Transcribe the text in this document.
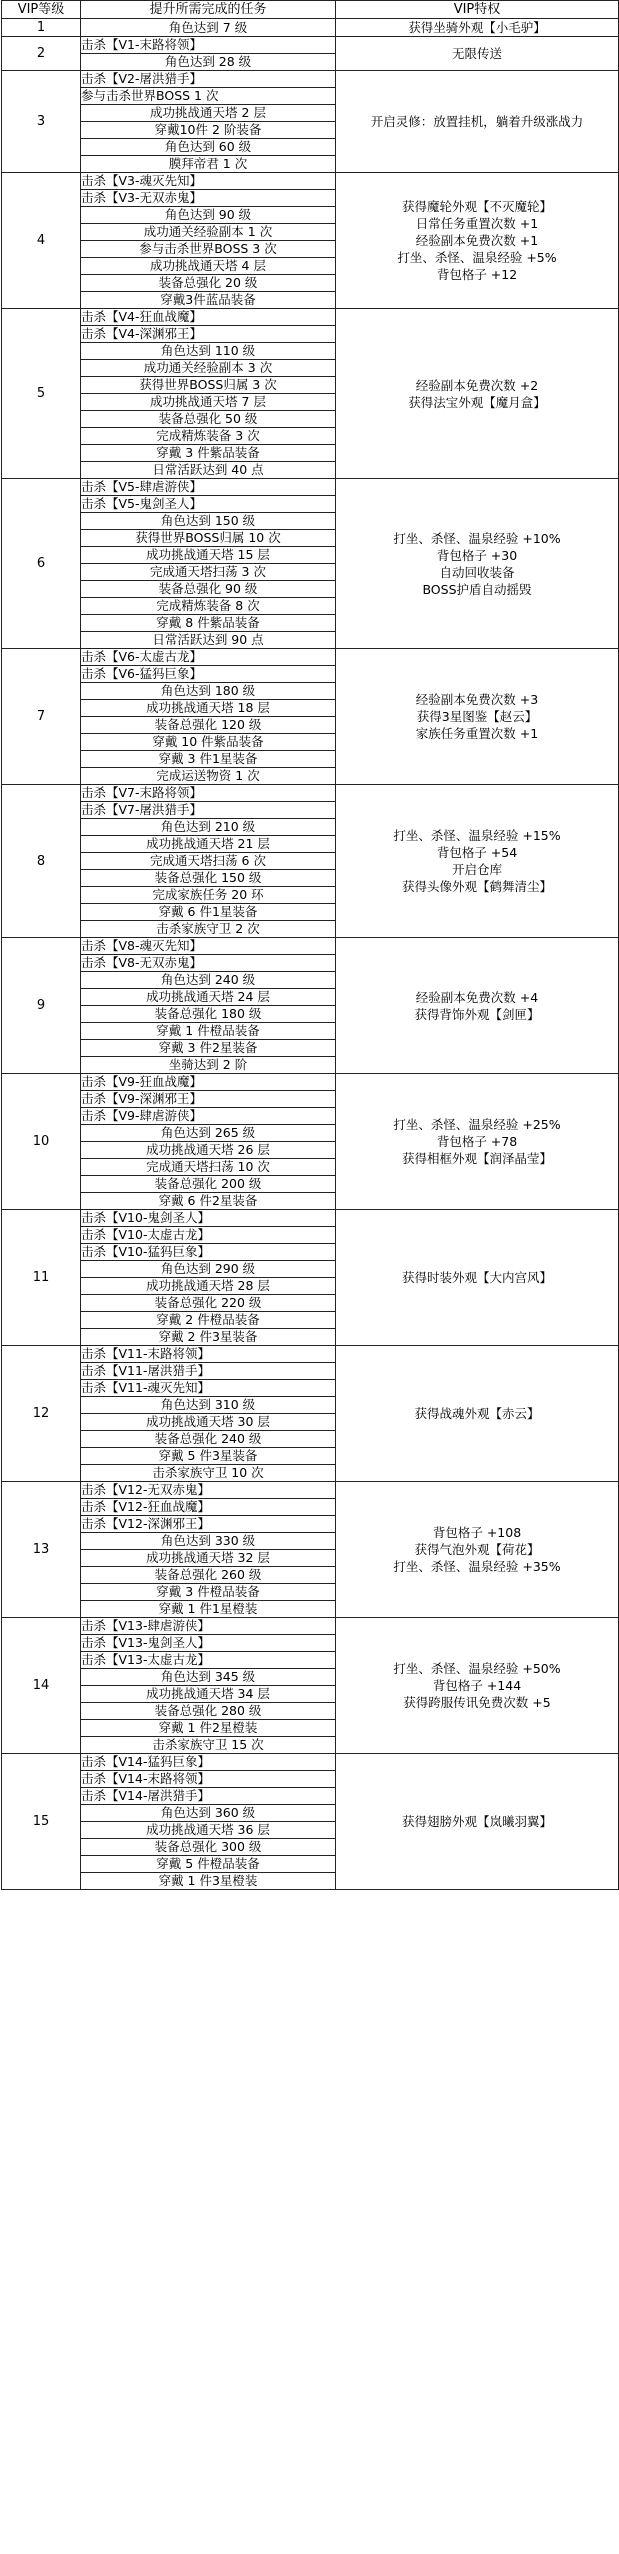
VIP等级	提升所需完成的任务	VIP特权
1	角色达到 7 级	获得坐骑外观【小毛驴】

2	击杀【V1-末路将领】	无限传送

	角色达到 28 级	
3	击杀【V2-屠洪猎手】	开启灵修：放置挂机，躺着升级涨战力

	参与击杀世界BOSS 1 次	
	成功挑战通天塔 2 层	
	穿戴10件 2 阶装备	
	角色达到 60 级	
	膜拜帝君 1 次	
4	击杀【V3-魂灭先知】	获得魔轮外观【不灭魔轮】
日常任务重置次数 +1
经验副本免费次数 +1
打坐、杀怪、温泉经验 +5%
背包格子 +12

	击杀【V3-无双赤鬼】	
	角色达到 90 级	
	成功通关经验副本 1 次	
	参与击杀世界BOSS 3 次	
	成功挑战通天塔 4 层	
	装备总强化 20 级	
	穿戴3件蓝品装备	
5	击杀【V4-狂血战魔】	经验副本免费次数 +2
获得法宝外观【魔月盒】

	击杀【V4-深渊邪王】	
	角色达到 110 级	
	成功通关经验副本 3 次	
	获得世界BOSS归属 3 次	
	成功挑战通天塔 7 层	
	装备总强化 50 级	
	完成精炼装备 3 次	
	穿戴 3 件紫品装备	
	日常活跃达到 40 点	
6	击杀【V5-肆虐游侠】	打坐、杀怪、温泉经验 +10%
背包格子 +30
自动回收装备
BOSS护盾自动摇毁

	击杀【V5-鬼剑圣人】	
	角色达到 150 级	
	获得世界BOSS归属 10 次	
	成功挑战通天塔 15 层	
	完成通天塔扫荡 3 次	
	装备总强化 90 级	
	完成精炼装备 8 次	
	穿戴 8 件紫品装备	
	日常活跃达到 90 点	
7	击杀【V6-太虚古龙】	经验副本免费次数 +3
获得3星图鉴【赵云】
家族任务重置次数 +1

	击杀【V6-猛犸巨象】	
	角色达到 180 级	
	成功挑战通天塔 18 层	
	装备总强化 120 级	
	穿戴 10 件紫品装备	
	穿戴 3 件1星装备	
	完成运送物资 1 次	
8	击杀【V7-末路将领】	打坐、杀怪、温泉经验 +15%
背包格子 +54
开启仓库
获得头像外观【鹤舞清尘】

	击杀【V7-屠洪猎手】	
	角色达到 210 级	
	成功挑战通天塔 21 层	
	完成通天塔扫荡 6 次	
	装备总强化 150 级	
	完成家族任务 20 环	
	穿戴 6 件1星装备	
	击杀家族守卫 2 次	
9	击杀【V8-魂灭先知】	经验副本免费次数 +4
获得背饰外观【剑匣】

	击杀【V8-无双赤鬼】	
	角色达到 240 级	
	成功挑战通天塔 24 层	
	装备总强化 180 级	
	穿戴 1 件橙品装备	
	穿戴 3 件2星装备	
	坐骑达到 2 阶	
10	击杀【V9-狂血战魔】	打坐、杀怪、温泉经验 +25%
背包格子 +78
获得相框外观【润泽晶莹】

	击杀【V9-深渊邪王】	
	击杀【V9-肆虐游侠】	
	角色达到 265 级	
	成功挑战通天塔 26 层	
	完成通天塔扫荡 10 次	
	装备总强化 200 级	
	穿戴 6 件2星装备	
11	击杀【V10-鬼剑圣人】	获得时装外观【大内宫风】

	击杀【V10-太虚古龙】	
	击杀【V10-猛犸巨象】	
	角色达到 290 级	
	成功挑战通天塔 28 层	
	装备总强化 220 级	
	穿戴 2 件橙品装备	
	穿戴 2 件3星装备	
12	击杀【V11-末路将领】	获得战魂外观【赤云】

	击杀【V11-屠洪猎手】	
	击杀【V11-魂灭先知】	
	角色达到 310 级	
	成功挑战通天塔 30 层	
	装备总强化 240 级	
	穿戴 5 件3星装备	
	击杀家族守卫 10 次	
13	击杀【V12-无双赤鬼】	背包格子 +108
获得气泡外观【荷花】
打坐、杀怪、温泉经验 +35%

	击杀【V12-狂血战魔】	
	击杀【V12-深渊邪王】	
	角色达到 330 级	
	成功挑战通天塔 32 层	
	装备总强化 260 级	
	穿戴 3 件橙品装备	
	穿戴 1 件1星橙装	
14	击杀【V13-肆虐游侠】	打坐、杀怪、温泉经验 +50%
背包格子 +144
获得跨服传讯免费次数 +5

	击杀【V13-鬼剑圣人】	
	击杀【V13-太虚古龙】	
	角色达到 345 级	
	成功挑战通天塔 34 层	
	装备总强化 280 级	
	穿戴 1 件2星橙装	
	击杀家族守卫 15 次	
15	击杀【V14-猛犸巨象】	获得翅膀外观【岚曦羽翼】

	击杀【V14-末路将领】	
	击杀【V14-屠洪猎手】	
	角色达到 360 级	
	成功挑战通天塔 36 层	
	装备总强化 300 级	
	穿戴 5 件橙品装备	
	穿戴 1 件3星橙装	
